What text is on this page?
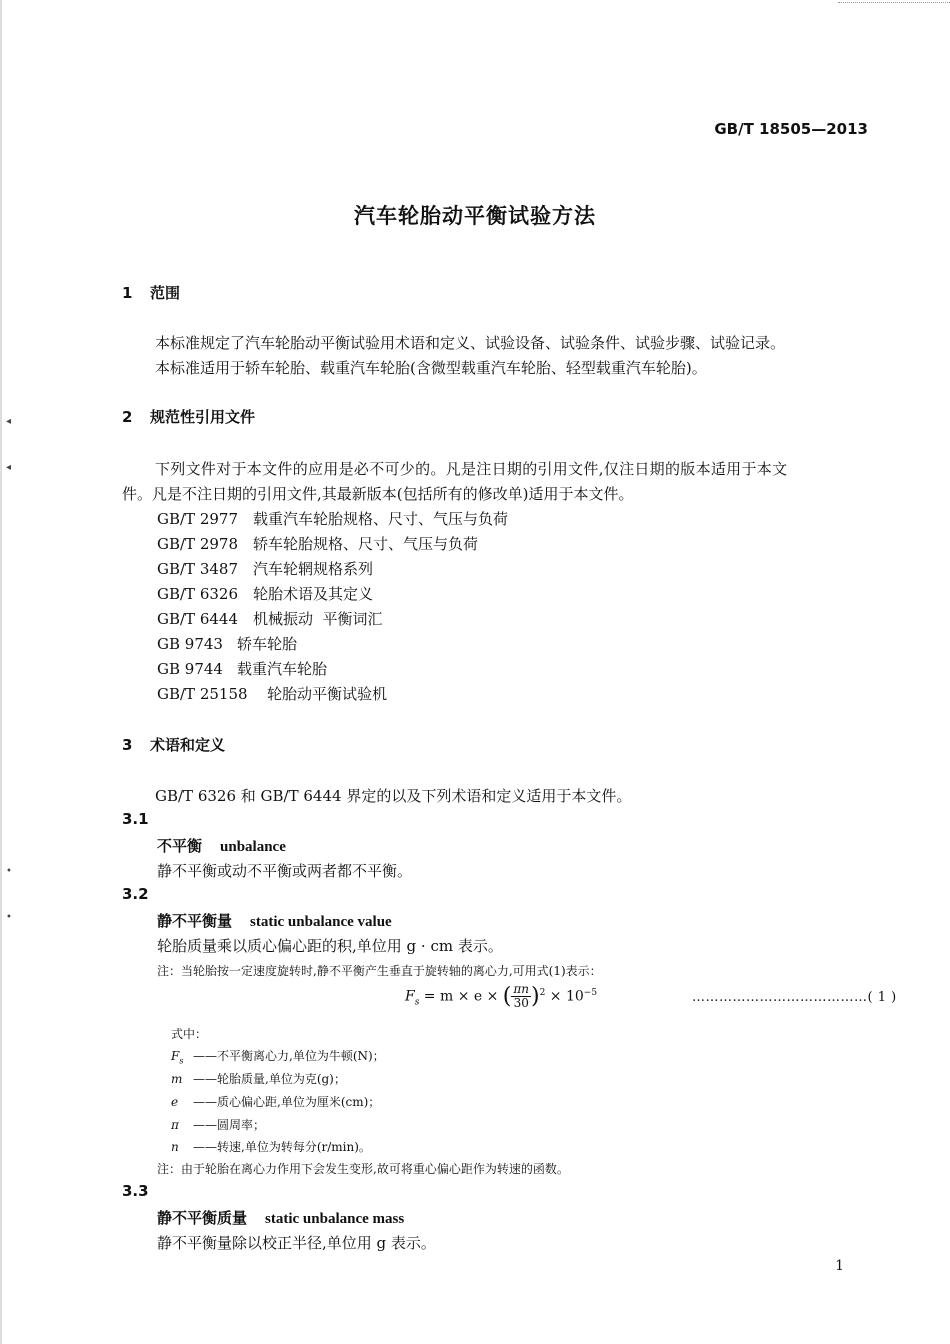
GB/T 18505—2013
汽车轮胎动平衡试验方法
1 范围
本标准规定了汽车轮胎动平衡试验用术语和定义、试验设备、试验条件、试验步骤、试验记录。
本标准适用于轿车轮胎、载重汽车轮胎(含微型载重汽车轮胎、轻型载重汽车轮胎)。
2 规范性引用文件
下列文件对于本文件的应用是必不可少的。凡是注日期的引用文件,仅注日期的版本适用于本文
件。凡是不注日期的引用文件,其最新版本(包括所有的修改单)适用于本文件。
GB/T 2977 载重汽车轮胎规格、尺寸、气压与负荷
GB/T 2978 轿车轮胎规格、尺寸、气压与负荷
GB/T 3487 汽车轮辋规格系列
GB/T 6326 轮胎术语及其定义
GB/T 6444 机械振动  平衡词汇
GB 9743 轿车轮胎
GB 9744 载重汽车轮胎
GB/T 25158 轮胎动平衡试验机
3 术语和定义
GB/T 6326 和 GB/T 6444 界定的以及下列术语和定义适用于本文件。
3.1
不平衡 unbalance
静不平衡或动不平衡或两者都不平衡。
3.2
静不平衡量 static unbalance value
轮胎质量乘以质心偏心距的积,单位用 g · cm 表示。
注：当轮胎按一定速度旋转时,静不平衡产生垂直于旋转轴的离心力,可用式(1)表示：
$F_s = m \times e$ × ( $\frac{\pi n}{30})^2 \times 10^{-5}$	…………………………………( 1 )
式中：
$F_s$ ——不平衡离心力,单位为牛顿(N)；
m ——轮胎质量,单位为克(g)；
e ——质心偏心距,单位为厘米(cm)；
π ——圆周率；
n ——转速,单位为转每分(r/min)。
注：由于轮胎在离心力作用下会发生变形,故可将重心偏心距作为转速的函数。
3.3
静不平衡质量 static unbalance mass
静不平衡量除以校正半径,单位用 g 表示。
1
◂
◂
•
•
